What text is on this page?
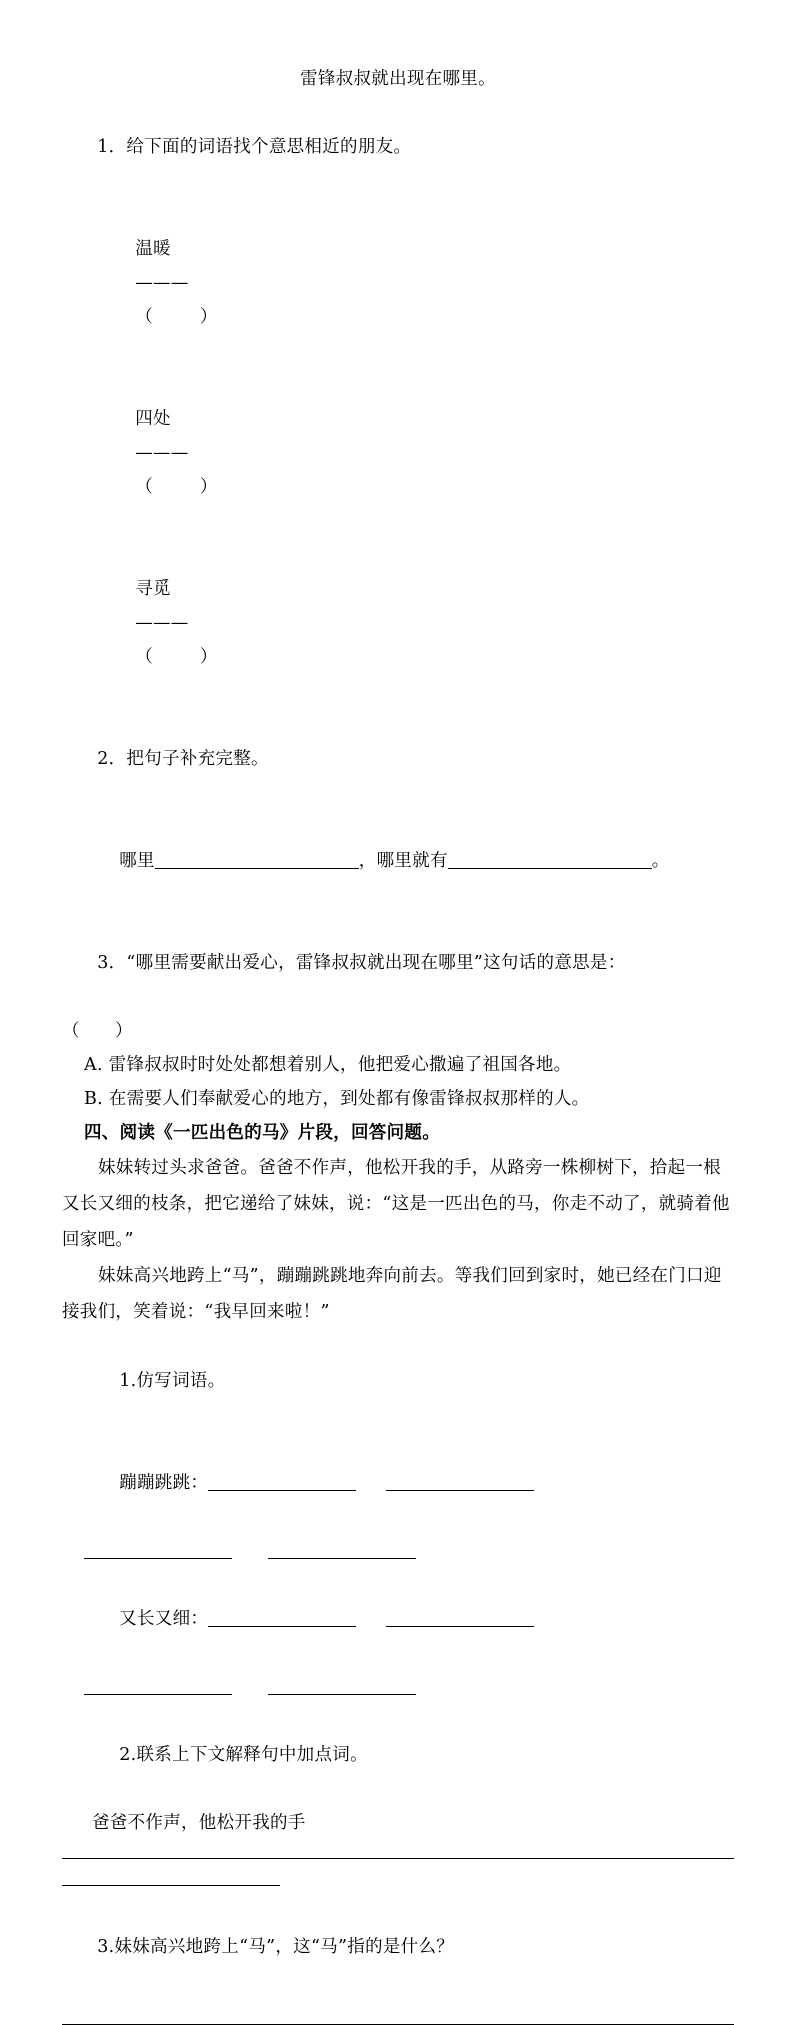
雷锋叔叔就出现在哪里。

1．给下面的词语找个意思相近的朋友。

温暖
———
（        ）

四处
———
（        ）

寻觅
———
（        ）

2．把句子补充完整。

哪里	，哪里就有	。

3．“哪里需要献出爱心，雷锋叔叔就出现在哪里”这句话的意思是：

（      ）
A. 雷锋叔叔时时处处都想着别人，他把爱心撒遍了祖国各地。
B. 在需要人们奉献爱心的地方，到处都有像雷锋叔叔那样的人。
四、阅读《一匹出色的马》片段，回答问题。
妹妹转过头求爸爸。爸爸不作声，他松开我的手，从路旁一株柳树下，拾起一根又长又细的枝条，把它递给了妹妹，说：“这是一匹出色的马，你走不动了，就骑着他回家吧。”
妹妹高兴地跨上“马”，蹦蹦跳跳地奔向前去。等我们回到家时，她已经在门口迎接我们，笑着说：“我早回来啦！”

1.仿写词语。

蹦蹦跳跳：

又长又细：

2.联系上下文解释句中加点词。

爸爸不作声，他松开我的手

3.妹妹高兴地跨上“马”，这“马”指的是什么？
